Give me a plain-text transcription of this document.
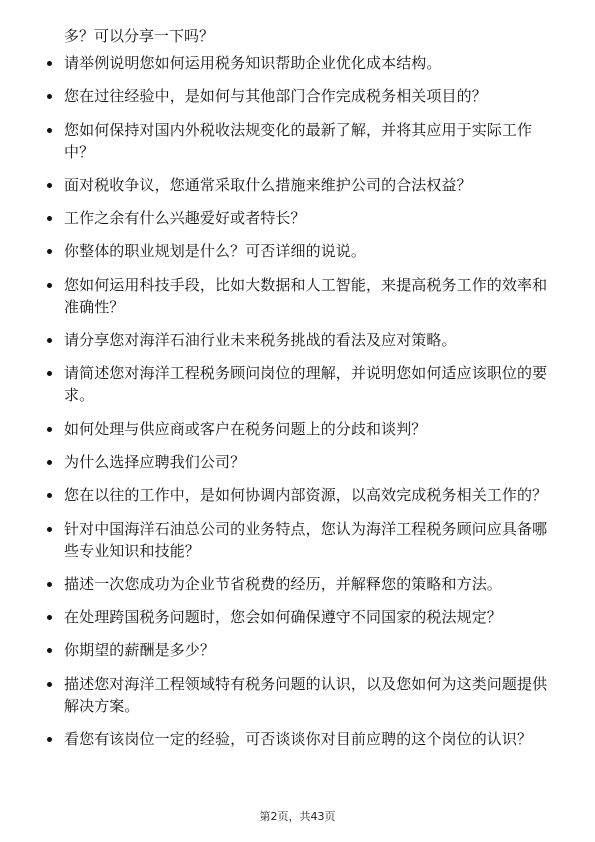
多？可以分享一下吗？
请举例说明您如何运用税务知识帮助企业优化成本结构。
您在过往经验中，是如何与其他部门合作完成税务相关项目的？
您如何保持对国内外税收法规变化的最新了解，并将其应用于实际工作中？
面对税收争议，您通常采取什么措施来维护公司的合法权益？
工作之余有什么兴趣爱好或者特长？
你整体的职业规划是什么？可否详细的说说。
您如何运用科技手段，比如大数据和人工智能，来提高税务工作的效率和准确性？
请分享您对海洋石油行业未来税务挑战的看法及应对策略。
请简述您对海洋工程税务顾问岗位的理解，并说明您如何适应该职位的要求。
如何处理与供应商或客户在税务问题上的分歧和谈判？
为什么选择应聘我们公司？
您在以往的工作中，是如何协调内部资源，以高效完成税务相关工作的？
针对中国海洋石油总公司的业务特点，您认为海洋工程税务顾问应具备哪些专业知识和技能？
描述一次您成功为企业节省税费的经历，并解释您的策略和方法。
在处理跨国税务问题时，您会如何确保遵守不同国家的税法规定？
你期望的薪酬是多少？
描述您对海洋工程领域特有税务问题的认识，以及您如何为这类问题提供解决方案。
看您有该岗位一定的经验，可否谈谈你对目前应聘的这个岗位的认识？
第2页，共43页
